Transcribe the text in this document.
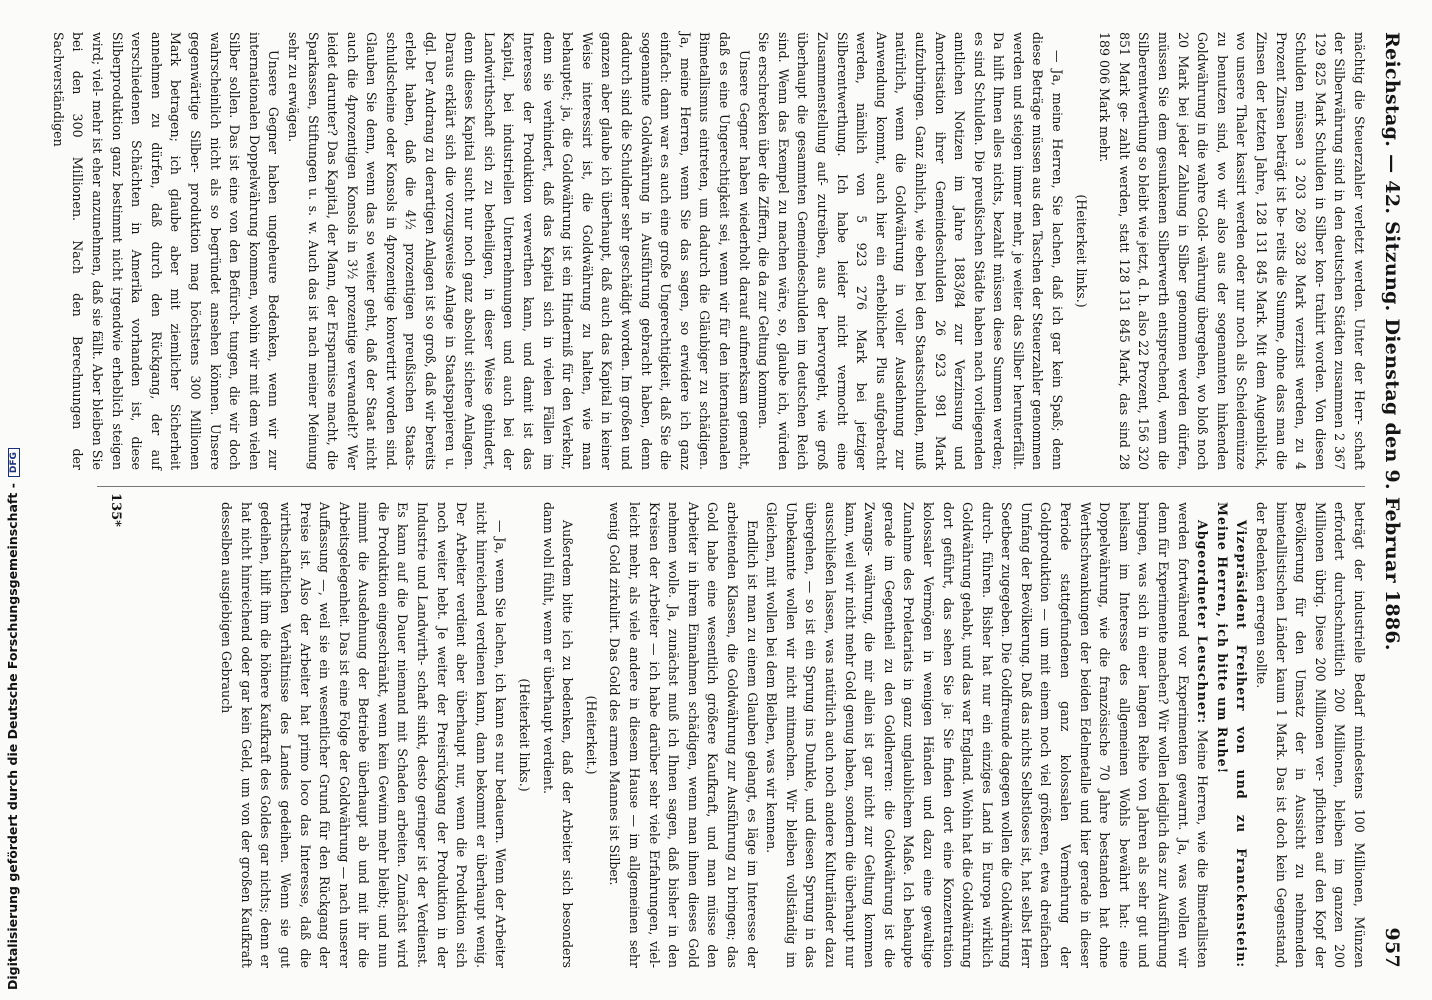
Reichstag. — 42. Sitzung. Dienstag den 9. Februar 1886.
957

mächtig die Steuerzahler verletzt werden. Unter der Herr- schaft der Silberwährung sind in den deutschen Städten zusammen 2 367 129 825 Mark Schulden in Silber kon- trahirt worden. Von diesen Schulden müssen 3 203 269 328 Mark verzinst werden, zu 4 Prozent Zinsen beträgt ist be- reits die Summe, ohne dass man die Zinsen der letzten Jahre, 128 131 845 Mark. Mit dem Augenblick, wo unsere Thaler kassirt werden oder nur noch als Scheidemünze zu benutzen sind, wo wir also aus der sogenannten hinkenden Goldwährung in die wahre Gold- währung übergehen, wo bloß noch 20 Mark bei jeder Zahlung in Silber genommen werden dürfen, müssen Sie dem gesunkenen Silberwerth entsprechend, wenn die Silberentwerthung so bleibt wie jetzt, d. h. also 22 Prozent, 156 320 851 Mark ge- zahlt werden, statt 128 131 845 Mark, das sind 28 189 006 Mark mehr.

(Heiterkeit links.)

— Ja, meine Herren, Sie lachen, daß ich gar kein Spaß; denn diese Beträge müssen aus den Taschen der Steuerzahler genommen werden und steigen immer mehr, je weiter das Silber herunterfällt. Da hilft Ihnen alles nichts, bezahlt müssen diese Summen werden; es sind Schulden. Die preußischen Städte haben nach vorliegenden amtlichen Notizen im Jahre 1883/84 zur Verzinsung und Amortisation ihrer Gemeindeschulden 26 923 981 Mark aufzubringen. Ganz ähnlich, wie eben bei den Staatsschulden, muß natürlich, wenn die Goldwährung in voller Ausdehnung zur Anwendung kommt, auch hier ein erheblicher Plus aufgebracht werden, nämlich von 5 923 276 Mark bei jetziger Silberentwerthung. Ich habe leider nicht vermocht eine Zusammenstellung auf- zutreiben, aus der hervorgeht, wie groß überhaupt die gesammten Gemeindeschulden im deutschen Reich sind. Wenn das Exempel zu machen wäre, so, glaube ich, würden Sie erschrecken über die Ziffern, die da zur Geltung kommen.

Unsere Gegner haben wiederholt darauf aufmerksam gemacht, daß es eine Ungerechtigkeit sei, wenn wir für den internationalen Bimetallismus eintreten, um dadurch die Gläubiger zu schädigen. Ja, meine Herren, wenn Sie das sagen, so erwidere ich ganz einfach: dann war es auch eine große Ungerechtigkeit, daß Sie die sogenannte Goldwährung in Ausführung gebracht haben, denn dadurch sind die Schuldner sehr geschädigt worden. Im großen und ganzen aber glaube ich überhaupt, daß auch das Kapital in keiner Weise interessirt ist, die Goldwährung zu halten, wie man behauptet; ja, die Goldwährung ist ein Hinderniß für den Verkehr, denn sie verhindert, daß das Kapital sich in vielen Fällen im Interesse der Produktion verwerthen kann, und damit ist das Kapital, bei industriellen Unternehmungen und auch bei der Landwirthschaft sich zu betheiligen, in dieser Weise gehindert, denn dieses Kapital sucht nur noch ganz absolut sichere Anlagen. Daraus erklärt sich die vorzugsweise Anlage in Staatspapieren u. dgl. Der Andrang zu derartigen Anlagen ist so groß, daß wir bereits erlebt haben, daß die 4½ prozentigen preußischen Staats- schuldscheine oder Konsols in 4prozentige konvertirt worden sind. Glauben Sie denn, wenn das so weiter geht, daß der Staat nicht auch die 4prozentigen Konsols in 3½ prozentige verwandelt? Wer leidet darunter? Das Kapital, der Mann, der Ersparnisse macht, die Sparkassen, Stiftungen u. s. w. Auch das ist nach meiner Meinung sehr zu erwägen.

Unsere Gegner haben ungeheure Bedenken, wenn wir zur internationalen Doppelwährung kommen, wohin wir mit dem vielen Silber sollen. Das ist eine von den Befürch- tungen, die wir doch wahrscheinlich nicht als so begründet ansehen können. Unsere gegenwärtige Silber- produktion mag höchstens 300 Millionen Mark betragen; ich glaube aber mit ziemlicher Sicherheit annehmen zu dürfen, daß durch den Rückgang, der auf verschiedenen Schächten in Amerika vorhanden ist, diese Silberproduktion ganz bestimmt nicht irgendwie erheblich steigen wird; viel- mehr ist eher anzunehmen, daß sie fällt. Aber bleiben Sie bei den 300 Millionen. Nach den Berechnungen der Sachverständigen

beträgt der industrielle Bedarf mindestens 100 Millionen, Münzen erfordert durchschnittlich 200 Millionen, bleiben im ganzen 200 Millionen übrig. Diese 200 Millionen ver- pflichten auf den Kopf der Bevölkerung für den Umsatz der in Aussicht zu nehmenden bimetallistischen Länder kaum 1 Mark. Das ist doch kein Gegenstand, der Bedenken erregen sollte.

Vizepräsident Freiherr von und zu Franckenstein: Meine Herren, ich bitte um Ruhe!

Abgeordneter Leuschner: Meine Herren, wie die Bimetallisten werden fortwährend vor Experimenten gewarnt. Ja, was wollen wir denn für Experimente machen? Wir wollen lediglich das zur Ausführung bringen, was sich in einer langen Reihe von Jahren als sehr gut und heilsam im Interesse des allgemeinen Wohls bewährt hat: eine Doppelwährung, wie die französische 70 Jahre bestanden hat ohne Werthschwankungen der beiden Edelmetalle und hier gerade in dieser Periode stattgefundenen ganz kolossalen Vermehrung der Goldproduktion — um mit einem noch viel größeren, etwa dreifachen Umfang der Bevölkerung. Daß das nichts Selbstloses ist, hat selbst Herr Soetbeer zugegeben. Die Goldfreunde dagegen wollen die Goldwährung durch- führen. Bisher hat nur ein einziges Land in Europa wirklich Goldwährung gehabt, und das war England. Wohin hat die Goldwährung dort geführt, das sehen Sie ja: Sie finden dort eine Konzentration kolossaler Vermögen in wenigen Händen und dazu eine gewaltige Zunahme des Proletariats in ganz unglaublichem Maße. Ich behaupte gerade im Gegentheil zu den Goldherren: die Goldwährung ist die Zwangs- währung, die mir allein ist gar nicht zur Geltung kommen kann, weil wir nicht mehr Gold genug haben, sondern die überhaupt nur ausschließen lassen, was natürlich auch noch andere Kulturländer dazu übergehen, — so ist ein Sprung ins Dunkle, und diesen Sprung in das Unbekannte wollen wir nicht mitmachen. Wir bleiben vollständig im Gleichen, mit wollen bei dem Bleiben, was wir kennen.

Endlich ist man zu einem Glauben gelangt, es läge im Interesse der arbeitenden Klassen, die Goldwährung zur Ausführung zu bringen; das Gold habe eine wesentlich größere Kaufkraft, und man müsse den Arbeiter in ihrem Einnahmen schädigen, wenn man ihnen dieses Gold nehmen wolle. Ja, zunächst muß ich Ihnen sagen, daß bisher in den Kreisen der Arbeiter — ich habe darüber sehr viele Erfahrungen, viel- leicht mehr, als viele andere in diesem Hause — im allgemeinen sehr wenig Gold zirkulirt. Das Gold des armen Mannes ist Silber.

(Heiterkeit.)

Außerdem bitte ich zu bedenken, daß der Arbeiter sich besonders dann wohl fühlt, wenn er überhaupt verdient.

(Heiterkeit links.)

— Ja, wenn Sie lachen, ich kann es nur bedauern. Wenn der Arbeiter nicht hinreichend verdienen kann, dann bekommt er überhaupt wenig. Der Arbeiter verdient aber überhaupt nur, wenn die Produktion sich noch weiter hebt. Je weiter der Preisrückgang der Produktion in der Industrie und Landwirth- schaft sinkt, desto geringer ist der Verdienst. Es kann auf die Dauer niemand mit Schaden arbeiten. Zunächst wird die Produktion eingeschränkt, wenn kein Gewinn mehr bleibt; und nun nimmt die Ausdehnung der Betriebe überhaupt ab und mit ihr die Arbeitsgelegenheit. Das ist eine Folge der Goldwährung — nach unserer Auffassung —, weil sie ein wesentlicher Grund für den Rückgang der Preise ist. Also der Arbeiter hat primo loco das Interesse, daß die wirthschaftlichen Verhältnisse des Landes gedeihen. Wenn sie gut gedeihen, hilft ihm die höhere Kaufkraft des Goldes gar nichts; denn er hat nicht hinreichend oder gar kein Geld, um von der großen Kaufkraft desselben ausgiebigen Gebrauch

135*
Digitalisierung gefördert durch die Deutsche Forschungsgemeinschaft -DFG
